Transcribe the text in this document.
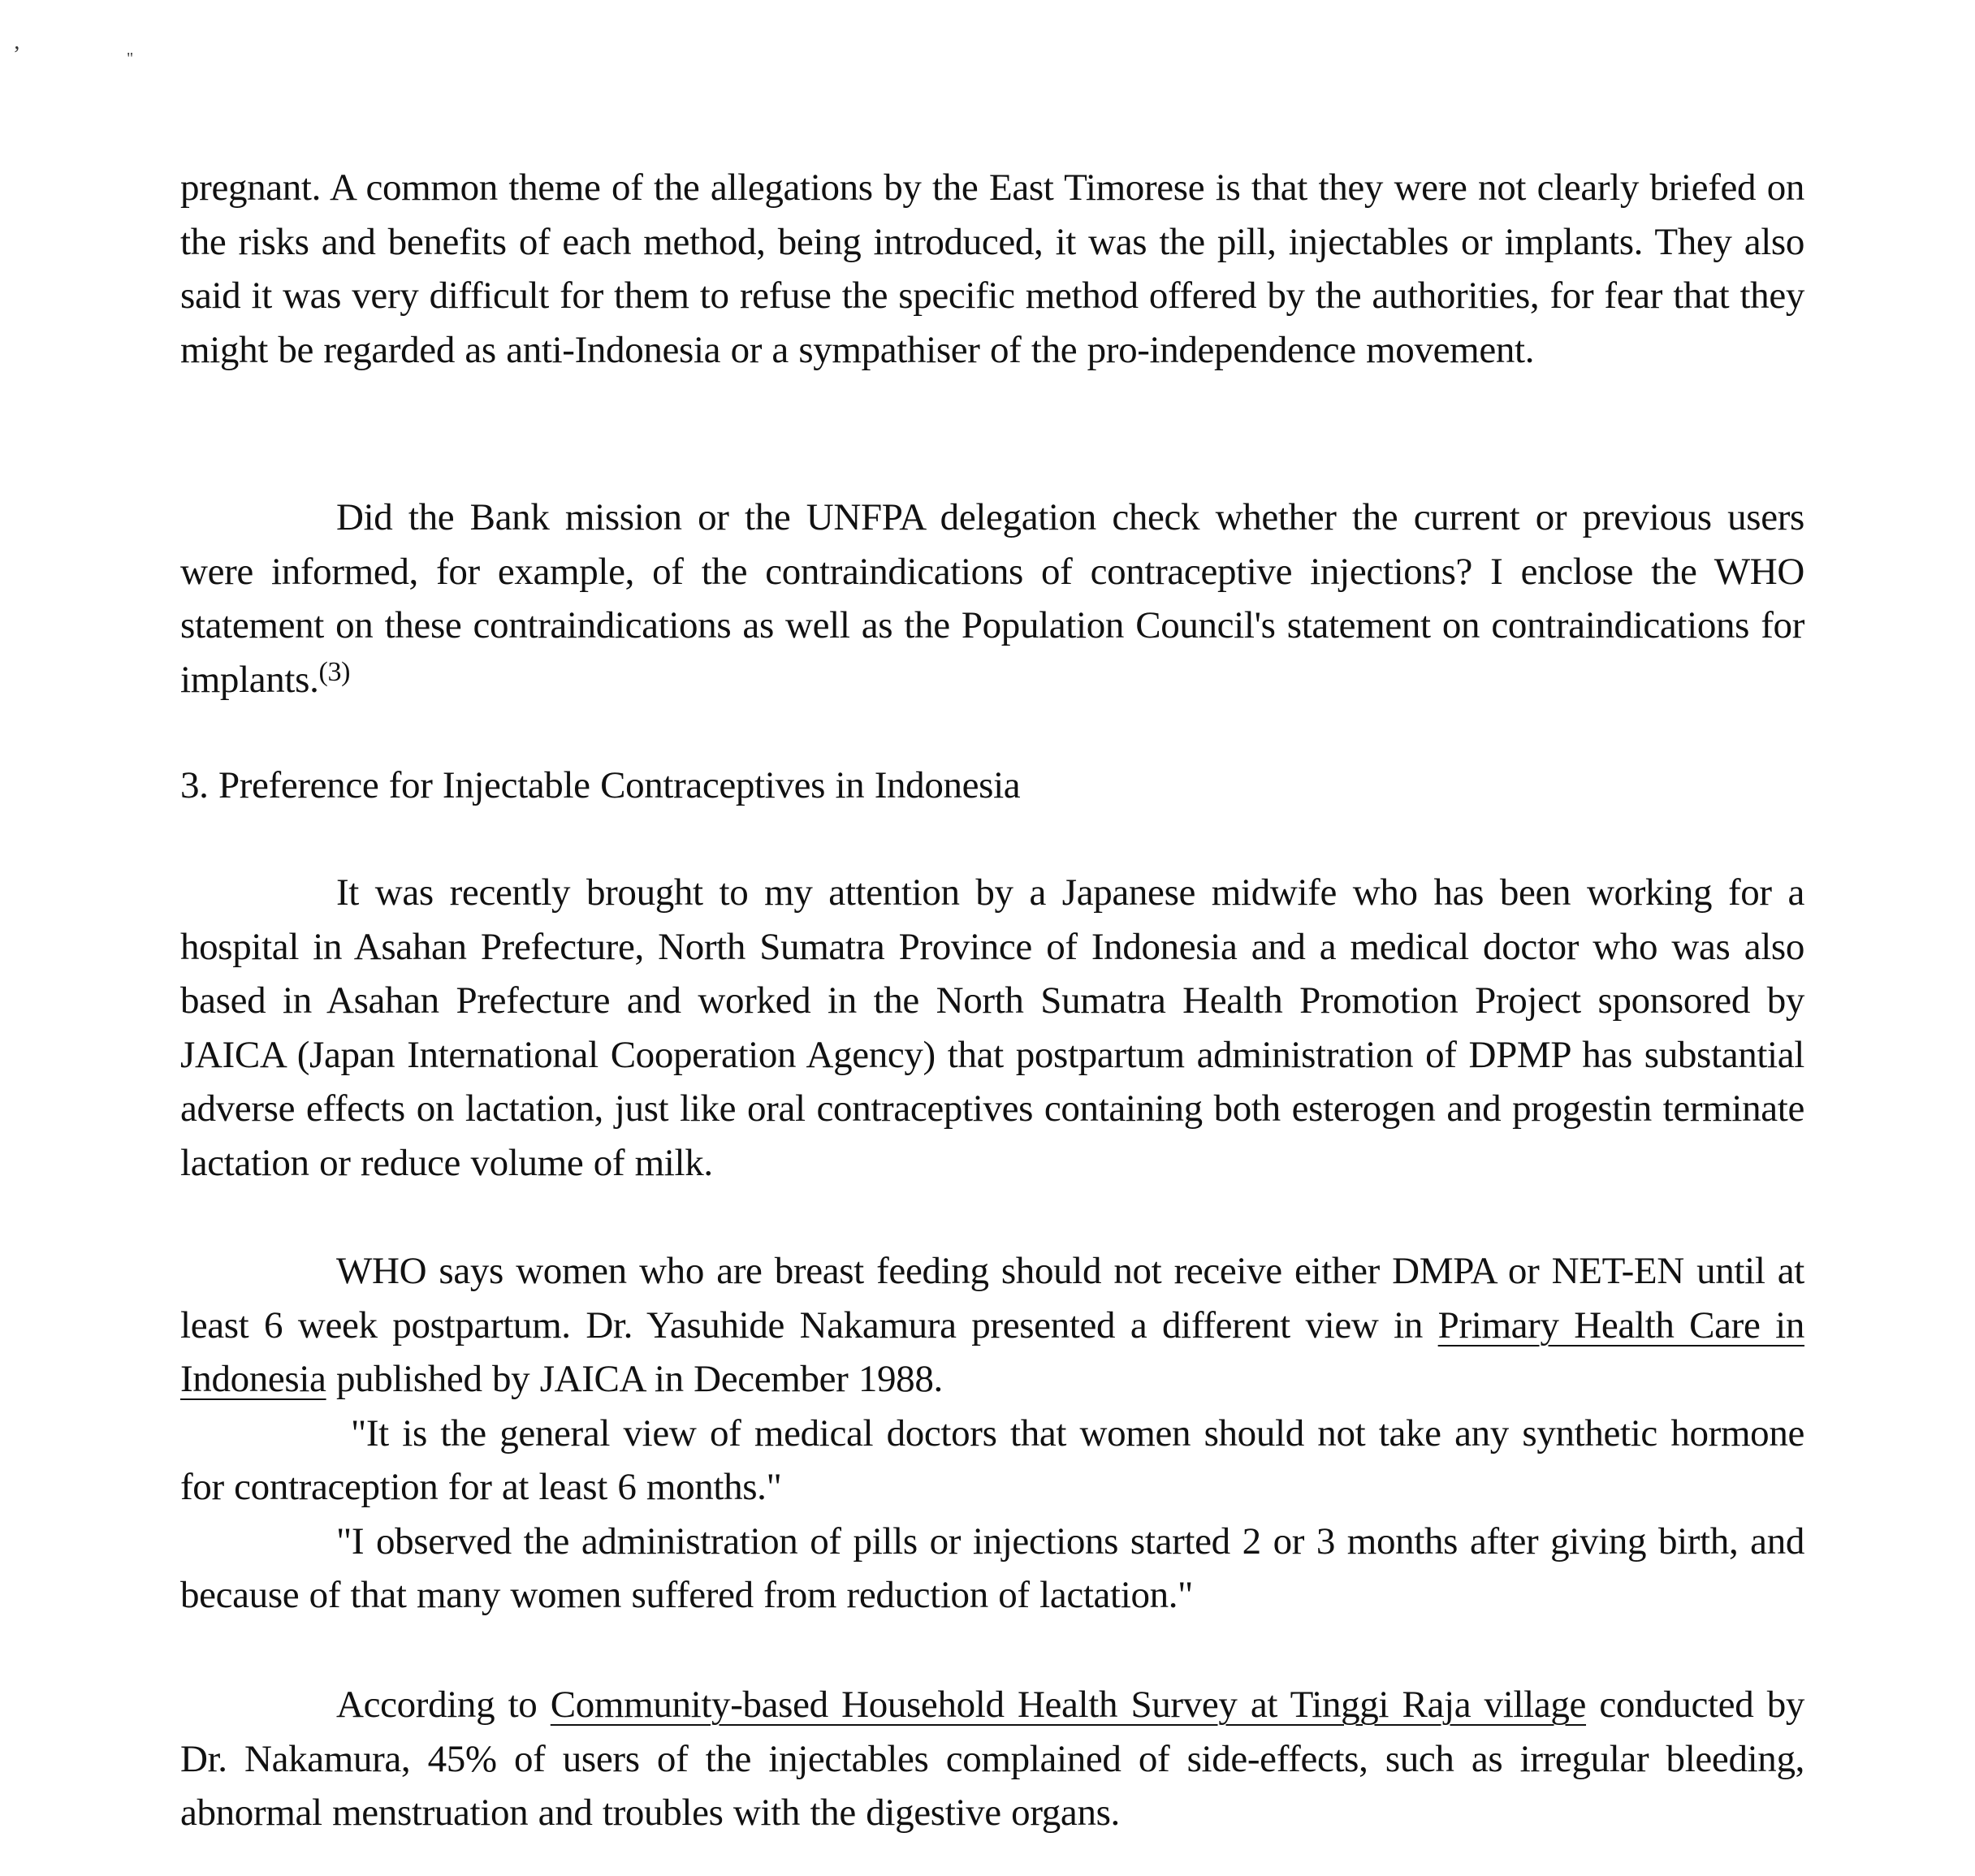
‚
"

pregnant. A common theme of the allegations by the East Timorese is that they were not clearly briefed on the risks and benefits of each method, being introduced, it was the pill, injectables or implants. They also said it was very difficult for them to refuse the specific method offered by the authorities, for fear that they might be regarded as anti-Indonesia or a sympathiser of the pro-independence movement.

Did the Bank mission or the UNFPA delegation check whether the current or previous users were informed, for example, of the contraindications of contraceptive injections? I enclose the WHO statement on these contraindications as well as the Population Council's statement on contraindications for implants.$^{(3)}$

3. Preference for Injectable Contraceptives in Indonesia

It was recently brought to my attention by a Japanese midwife who has been working for a hospital in Asahan Prefecture, North Sumatra Province of Indonesia and a medical doctor who was also based in Asahan Prefecture and worked in the North Sumatra Health Promotion Project sponsored by JAICA (Japan International Cooperation Agency) that postpartum administration of DPMP has substantial adverse effects on lactation, just like oral contraceptives containing both esterogen and progestin terminate lactation or reduce volume of milk.

WHO says women who are breast feeding should not receive either DMPA or NET-EN until at least 6 week postpartum. Dr. Yasuhide Nakamura presented a different view in Primary Health Care in Indonesia published by JAICA in December 1988.

"It is the general view of medical doctors that women should not take any synthetic hormone for contraception for at least 6 months."

"I observed the administration of pills or injections started 2 or 3 months after giving birth, and because of that many women suffered from reduction of lactation."

According to Community-based Household Health Survey at Tinggi Raja village conducted by Dr. Nakamura, 45% of users of the injectables complained of side-effects, such as irregular bleeding, abnormal menstruation and troubles with the digestive organs.
